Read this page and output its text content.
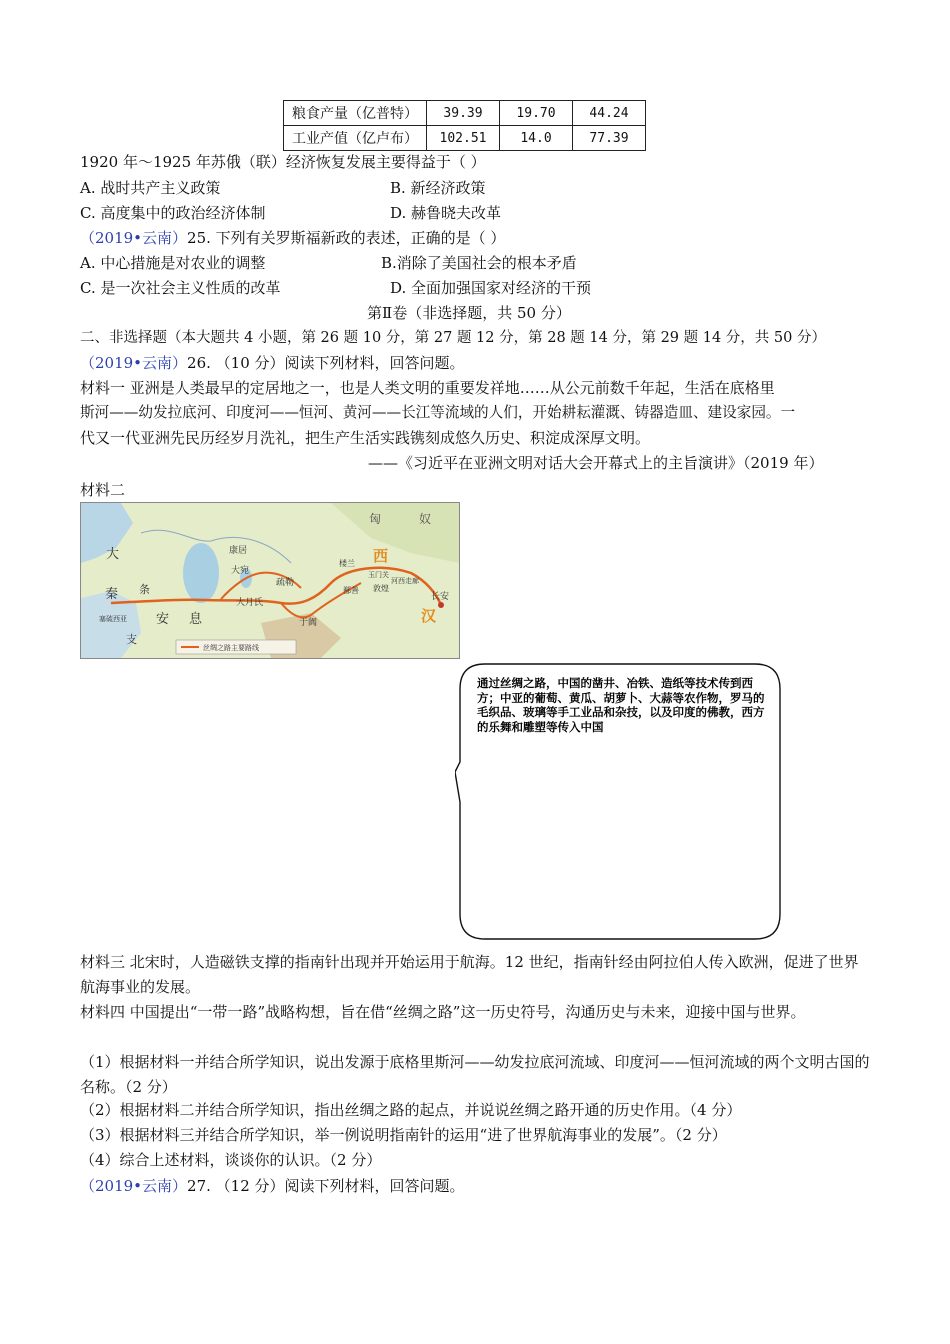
粮食产量（亿普特）	39.39	19.70	44.24
工业产值（亿卢布）	102.51	14.0	77.39
1920 年～1925 年苏俄（联）经济恢复发展主要得益于（ ）
A. 战时共产主义政策	B. 新经济政策
C. 高度集中的政治经济体制	D. 赫鲁晓夫改革
（2019•云南）25. 下列有关罗斯福新政的表述，正确的是（ ）
A. 中心措施是对农业的调整	B.消除了美国社会的根本矛盾
C. 是一次社会主义性质的改革	D. 全面加强国家对经济的干预
第Ⅱ卷（非选择题，共 50 分）
二、非选择题（本大题共 4 小题，第 26 题 10 分，第 27 题 12 分，第 28 题 14 分，第 29 题 14 分，共 50 分）
（2019•云南）26. （10 分）阅读下列材料，回答问题。
材料一 亚洲是人类最早的定居地之一，也是人类文明的重要发祥地……从公元前数千年起，生活在底格里
斯河——幼发拉底河、印度河——恒河、黄河——长江等流域的人们，开始耕耘灌溉、铸器造皿、建设家园。一
代又一代亚洲先民历经岁月洗礼，把生产生活实践镌刻成悠久历史、积淀成深厚文明。
——《习近平在亚洲文明对话大会开幕式上的主旨演讲》（2019 年）
材料二
匈	奴
西
汉
大
秦 条
支
安 息
康居
大宛
疏勒
大月氏
于阗
楼兰
玉门关
敦煌
河西走廊
长安
鄯善
塞硫西亚
丝绸之路主要路线
通过丝绸之路，中国的凿井、冶铁、造纸等技术传到西方；中亚的葡萄、黄瓜、胡萝卜、大蒜等农作物，罗马的毛织品、玻璃等手工业品和杂技，以及印度的佛教，西方的乐舞和雕塑等传入中国
材料三 北宋时，人造磁铁支撑的指南针出现并开始运用于航海。12 世纪，指南针经由阿拉伯人传入欧洲，促进了世界航海事业的发展。
材料四 中国提出“一带一路”战略构想，旨在借“丝绸之路”这一历史符号，沟通历史与未来，迎接中国与世界。
（1）根据材料一并结合所学知识，说出发源于底格里斯河——幼发拉底河流域、印度河——恒河流域的两个文明古国的名称。（2 分）
（2）根据材料二并结合所学知识，指出丝绸之路的起点，并说说丝绸之路开通的历史作用。（4 分）
（3）根据材料三并结合所学知识，举一例说明指南针的运用“进了世界航海事业的发展”。（2 分）
（4）综合上述材料，谈谈你的认识。（2 分）
（2019•云南）27. （12 分）阅读下列材料，回答问题。
